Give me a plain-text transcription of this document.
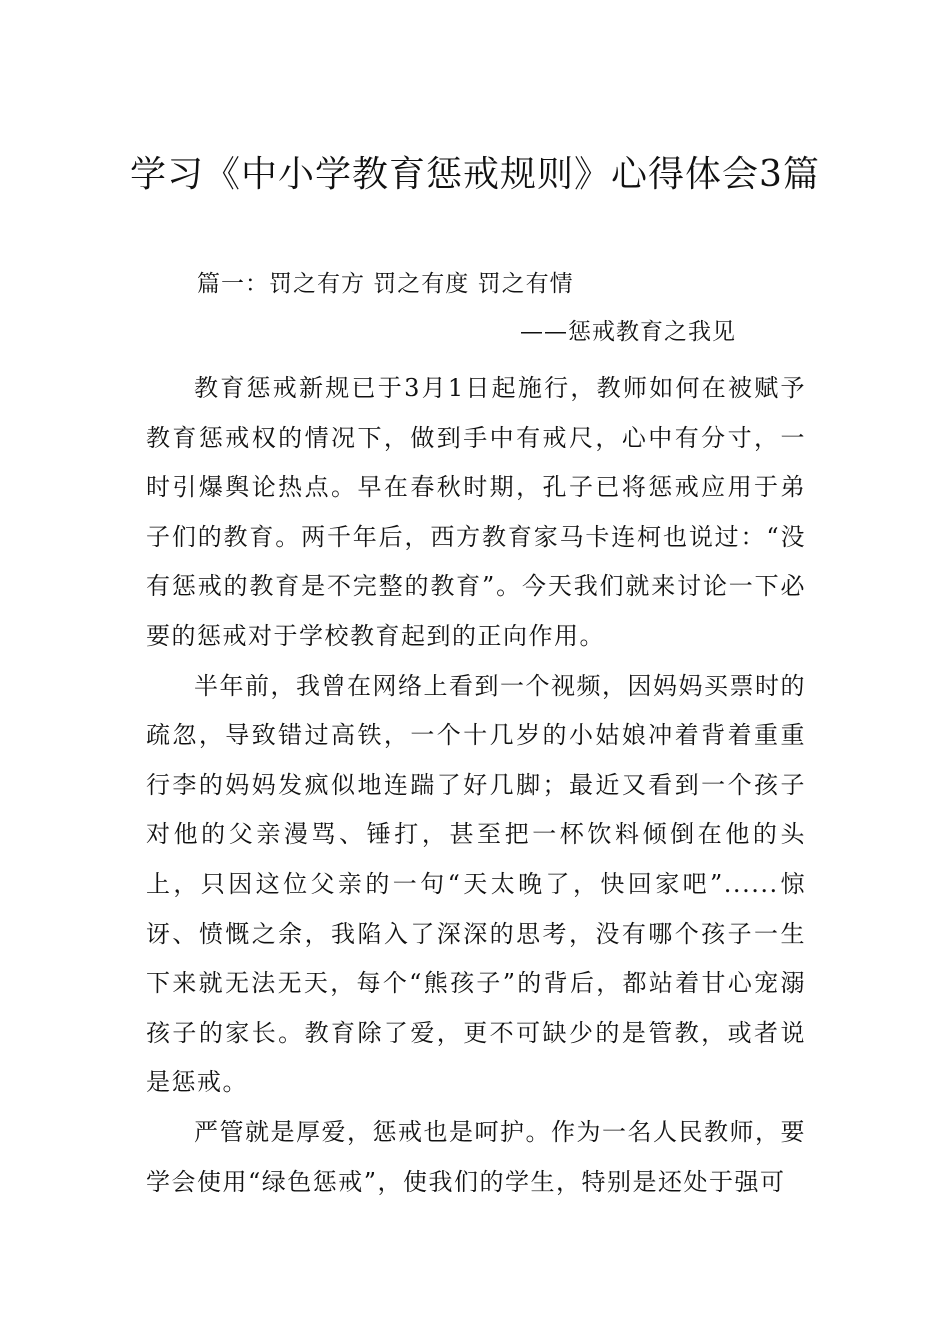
学习《中小学教育惩戒规则》心得体会3篇
篇一：罚之有方 罚之有度 罚之有情
——惩戒教育之我见

教育惩戒新规已于3月1日起施行，教师如何在被赋予教育惩戒权的情况下，做到手中有戒尺，心中有分寸，一时引爆舆论热点。早在春秋时期，孔子已将惩戒应用于弟子们的教育。两千年后，西方教育家马卡连柯也说过：“没有惩戒的教育是不完整的教育”。今天我们就来讨论一下必要的惩戒对于学校教育起到的正向作用。

半年前，我曾在网络上看到一个视频，因妈妈买票时的疏忽，导致错过高铁，一个十几岁的小姑娘冲着背着重重行李的妈妈发疯似地连踹了好几脚；最近又看到一个孩子对他的父亲漫骂、锤打，甚至把一杯饮料倾倒在他的头上，只因这位父亲的一句“天太晚了，快回家吧”......惊讶、愤慨之余，我陷入了深深的思考，没有哪个孩子一生下来就无法无天，每个“熊孩子”的背后，都站着甘心宠溺孩子的家长。教育除了爱，更不可缺少的是管教，或者说是惩戒。

严管就是厚爱，惩戒也是呵护。作为一名人民教师，要学会使用“绿色惩戒”，使我们的学生，特别是还处于强可
